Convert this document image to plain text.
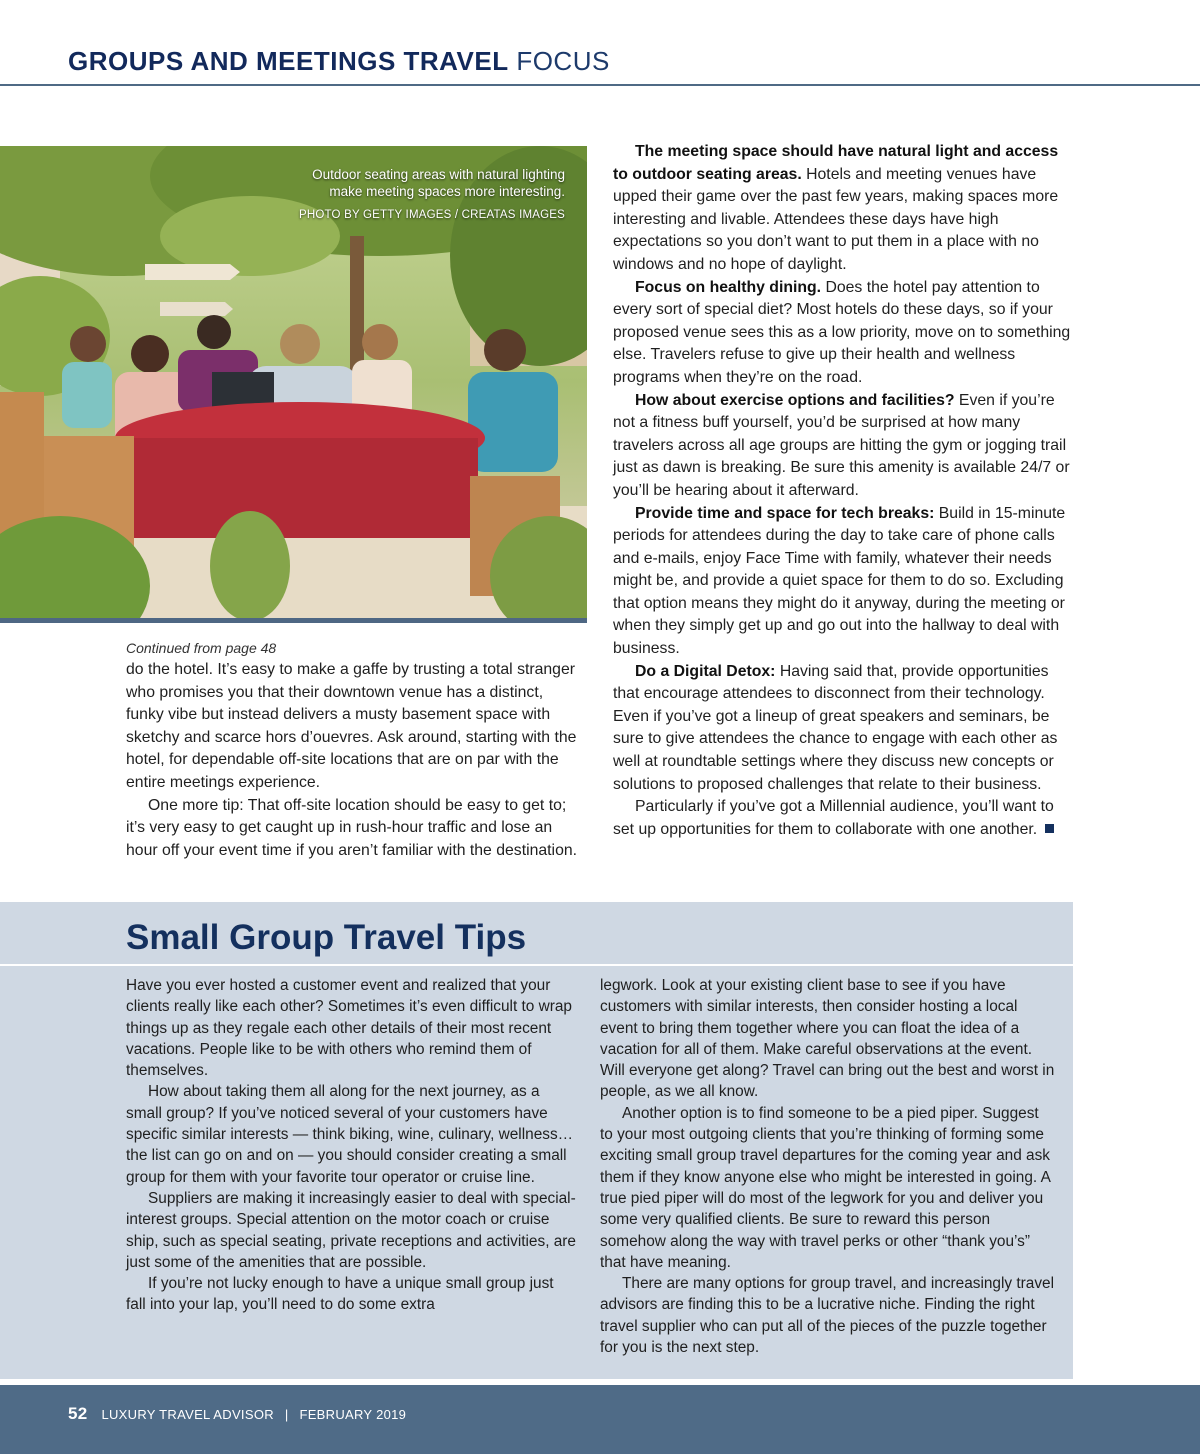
GROUPS AND MEETINGS TRAVEL FOCUS
Outdoor seating areas with natural lighting
make meeting spaces more interesting.
PHOTO BY GETTY IMAGES / CREATAS IMAGES
Continued from page 48

do the hotel. It’s easy to make a gaffe by trusting a total stranger who promises you that their downtown venue has a distinct, funky vibe but instead delivers a musty basement space with sketchy and scarce hors d’ouevres. Ask around, starting with the hotel, for dependable off-site locations that are on par with the entire meetings experience.

One more tip: That off-site location should be easy to get to; it’s very easy to get caught up in rush-hour traffic and lose an hour off your event time if you aren’t familiar with the destination.

The meeting space should have natural light and access to outdoor seating areas. Hotels and meeting venues have upped their game over the past few years, making spaces more interesting and livable. Attendees these days have high expectations so you don’t want to put them in a place with no windows and no hope of daylight.

Focus on healthy dining. Does the hotel pay attention to every sort of special diet? Most hotels do these days, so if your proposed venue sees this as a low priority, move on to something else. Travelers refuse to give up their health and wellness programs when they’re on the road.

How about exercise options and facilities? Even if you’re not a fitness buff yourself, you’d be surprised at how many travelers across all age groups are hitting the gym or jogging trail just as dawn is breaking. Be sure this amenity is available 24/7 or you’ll be hearing about it afterward.

Provide time and space for tech breaks: Build in 15-minute periods for attendees during the day to take care of phone calls and e-mails, enjoy Face Time with family, whatever their needs might be, and provide a quiet space for them to do so. Excluding that option means they might do it anyway, during the meeting or when they simply get up and go out into the hallway to deal with business.

Do a Digital Detox: Having said that, provide opportunities that encourage attendees to disconnect from their technology. Even if you’ve got a lineup of great speakers and seminars, be sure to give attendees the chance to engage with each other as well at roundtable settings where they discuss new concepts or solutions to proposed challenges that relate to their business.

Particularly if you’ve got a Millennial audience, you’ll want to set up opportunities for them to collaborate with one another.

Small Group Travel Tips

Have you ever hosted a customer event and realized that your clients really like each other? Sometimes it’s even difficult to wrap things up as they regale each other details of their most recent vacations. People like to be with others who remind them of themselves.

How about taking them all along for the next journey, as a small group? If you’ve noticed several of your customers have specific similar interests — think biking, wine, culinary, wellness…the list can go on and on — you should consider creating a small group for them with your favorite tour operator or cruise line.

Suppliers are making it increasingly easier to deal with special-interest groups. Special attention on the motor coach or cruise ship, such as special seating, private receptions and activities, are just some of the amenities that are possible.

If you’re not lucky enough to have a unique small group just fall into your lap, you’ll need to do some extra

legwork. Look at your existing client base to see if you have customers with similar interests, then consider hosting a local event to bring them together where you can float the idea of a vacation for all of them. Make careful observations at the event. Will everyone get along? Travel can bring out the best and worst in people, as we all know.

Another option is to find someone to be a pied piper. Suggest to your most outgoing clients that you’re thinking of forming some exciting small group travel departures for the coming year and ask them if they know anyone else who might be interested in going. A true pied piper will do most of the legwork for you and deliver you some very qualified clients. Be sure to reward this person somehow along the way with travel perks or other “thank you’s” that have meaning.

There are many options for group travel, and increasingly travel advisors are finding this to be a lucrative niche. Finding the right travel supplier who can put all of the pieces of the puzzle together for you is the next step.

52 LUXURY TRAVEL ADVISOR | FEBRUARY 2019
